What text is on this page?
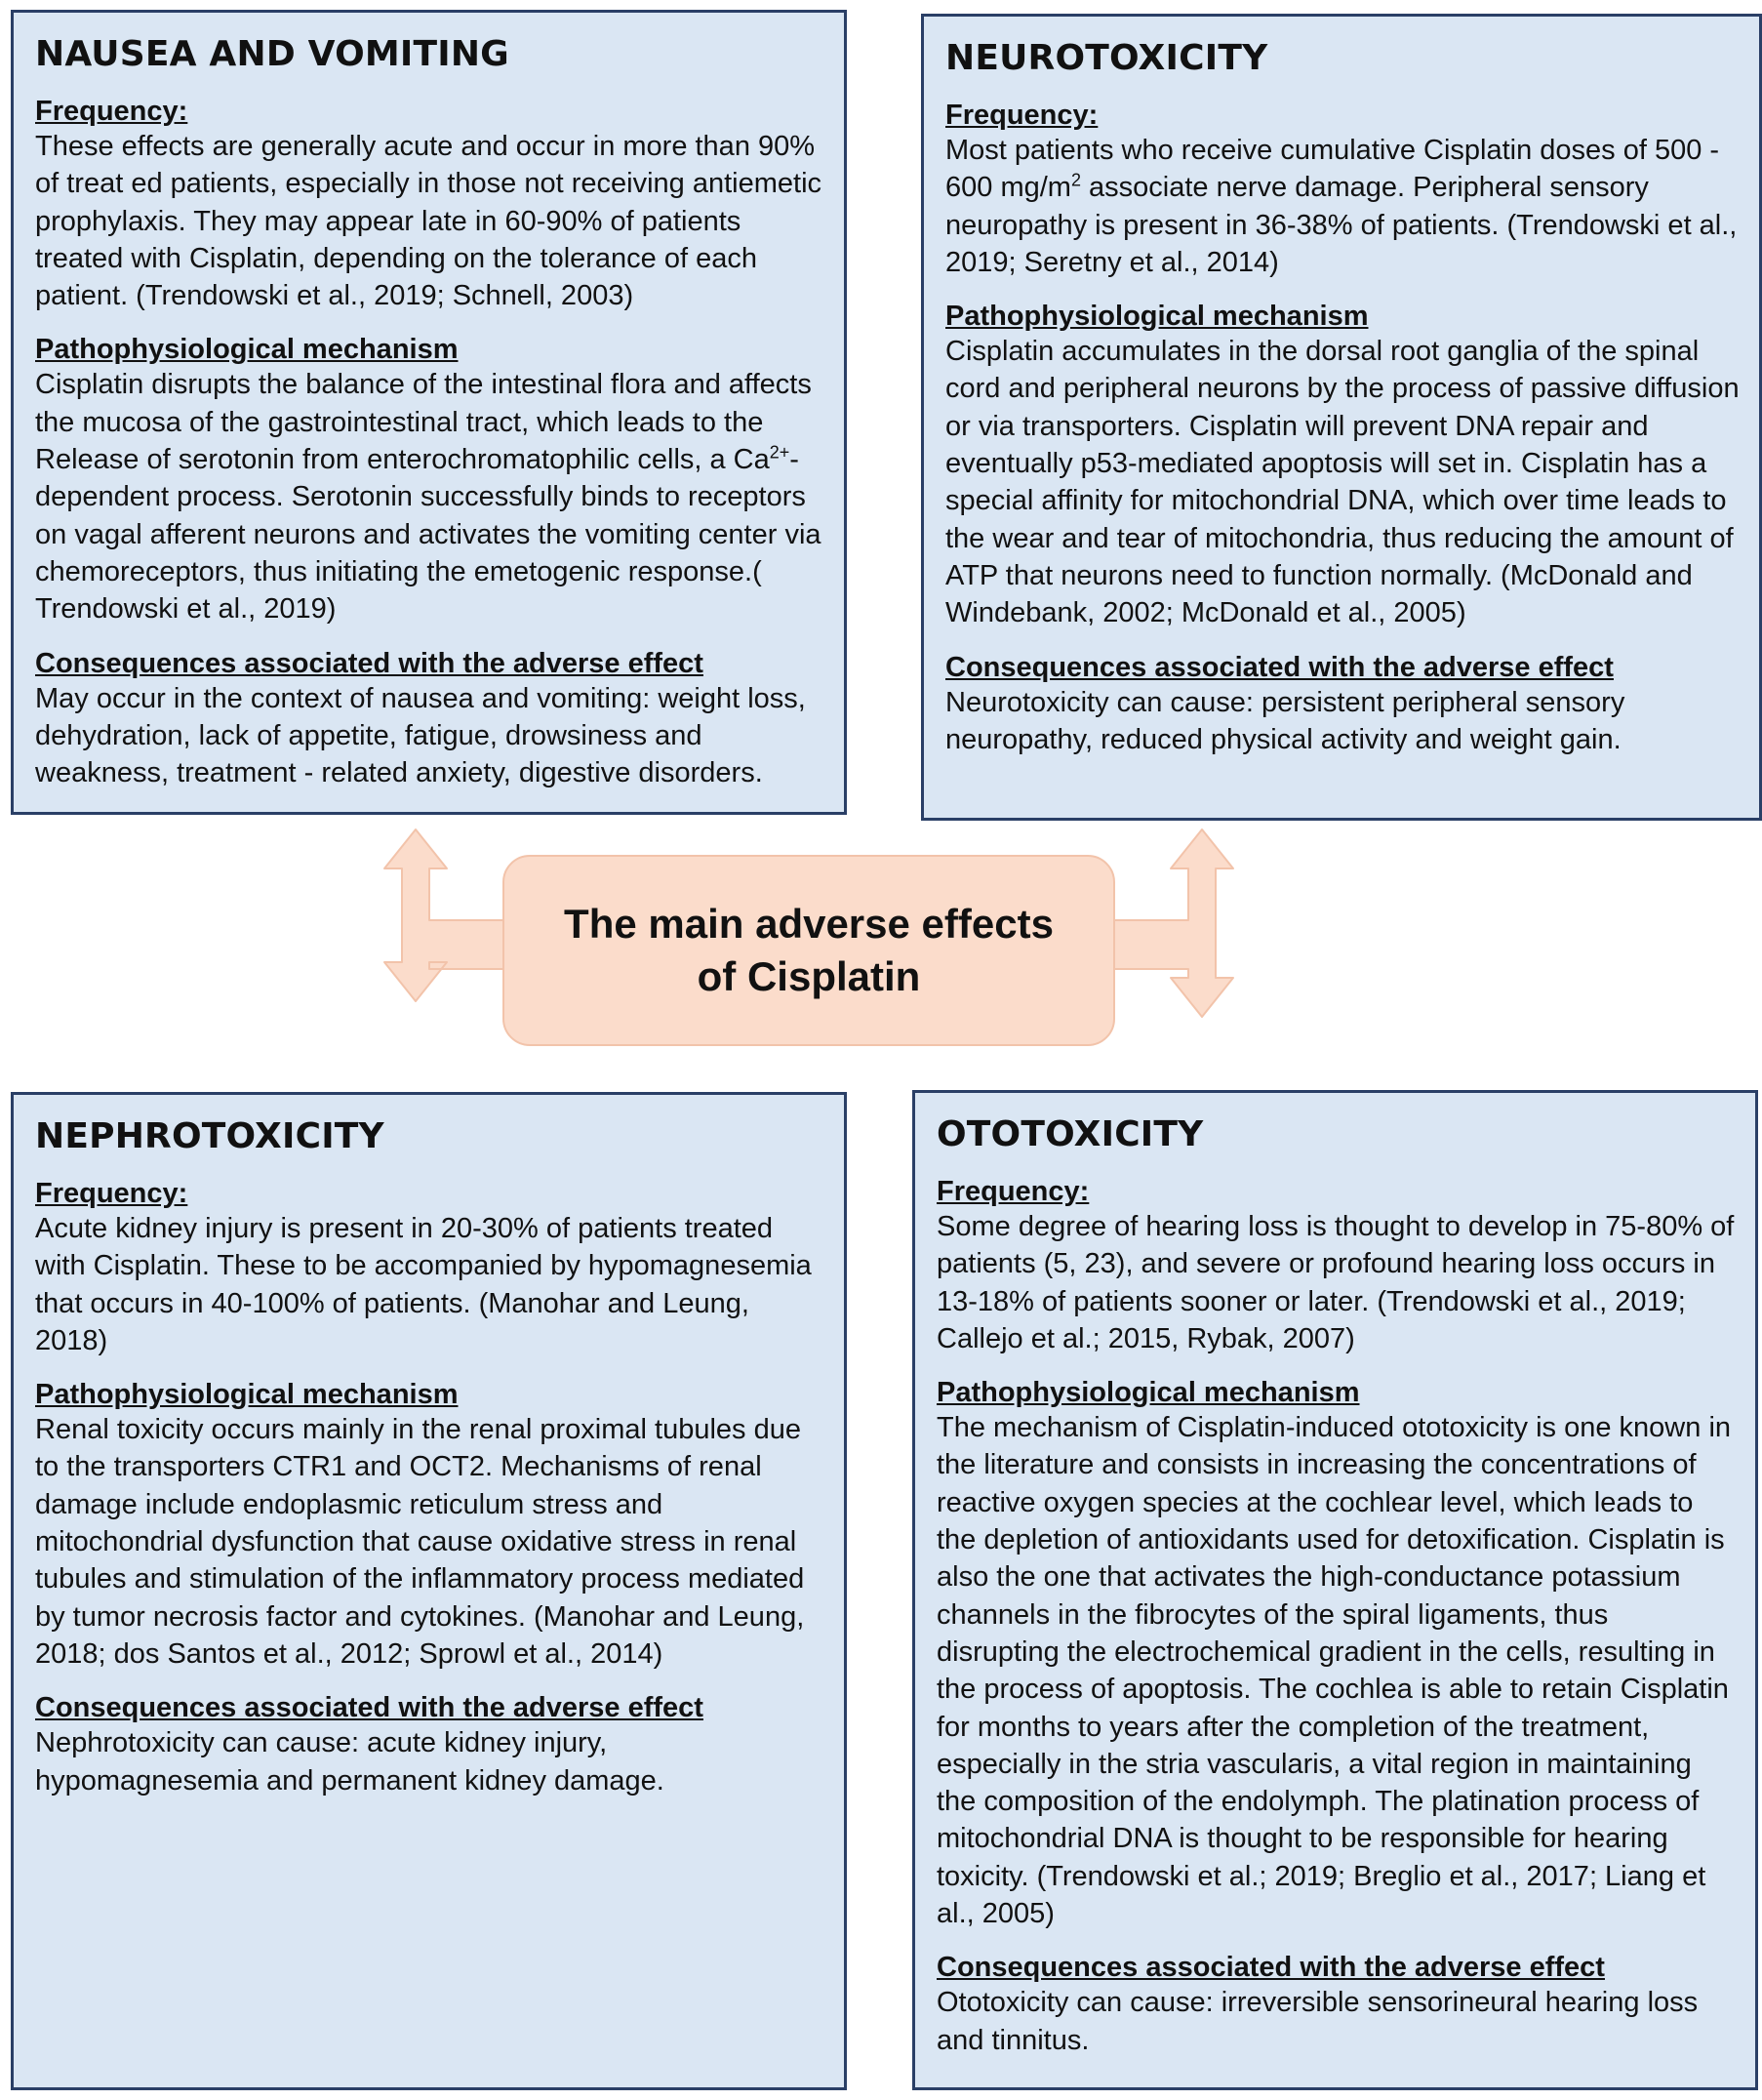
The main adverse effects
of Cisplatin
NAUSEA AND VOMITING
Frequency:

These effects are generally acute and occur in more than 90% of treat ed patients, especially in those not receiving antiemetic prophylaxis. They may appear late in 60-90% of patients treated with Cisplatin, depending on the tolerance of each patient. (Trendowski et al., 2019; Schnell, 2003)

Pathophysiological mechanism

Cisplatin disrupts the balance of the intestinal flora and affects the mucosa of the gastrointestinal tract, which leads to the Release of serotonin from enterochromatophilic cells, a $Ca^{2+}$-dependent process. Serotonin successfully binds to receptors on vagal afferent neurons and activates the vomiting center via chemoreceptors, thus initiating the emetogenic response.( Trendowski et al., 2019)

Consequences associated with the adverse effect

May occur in the context of nausea and vomiting: weight loss, dehydration, lack of appetite, fatigue, drowsiness and weakness, treatment - related anxiety, digestive disorders.

NEUROTOXICITY
Frequency:

Most patients who receive cumulative Cisplatin doses of 500 - 600 $mg/m^2$ associate nerve damage. Peripheral sensory neuropathy is present in 36-38% of patients. (Trendowski et al., 2019; Seretny et al., 2014)

Pathophysiological mechanism

Cisplatin accumulates in the dorsal root ganglia of the spinal cord and peripheral neurons by the process of passive diffusion or via transporters. Cisplatin will prevent DNA repair and eventually p53-mediated apoptosis will set in. Cisplatin has a special affinity for mitochondrial DNA, which over time leads to the wear and tear of mitochondria, thus reducing the amount of ATP that neurons need to function normally. (McDonald and Windebank, 2002; McDonald et al., 2005)

Consequences associated with the adverse effect

Neurotoxicity can cause: persistent peripheral sensory neuropathy, reduced physical activity and weight gain.

NEPHROTOXICITY
Frequency:

Acute kidney injury is present in 20-30% of patients treated with Cisplatin. These to be accompanied by hypomagnesemia that occurs in 40-100% of patients. (Manohar and Leung, 2018)

Pathophysiological mechanism

Renal toxicity occurs mainly in the renal proximal tubules due to the transporters CTR1 and OCT2. Mechanisms of renal damage include endoplasmic reticulum stress and mitochondrial dysfunction that cause oxidative stress in renal tubules and stimulation of the inflammatory process mediated by tumor necrosis factor and cytokines. (Manohar and Leung, 2018; dos Santos et al., 2012; Sprowl et al., 2014)

Consequences associated with the adverse effect

Nephrotoxicity can cause: acute kidney injury, hypomagnesemia and permanent kidney damage.

OTOTOXICITY
Frequency:

Some degree of hearing loss is thought to develop in 75-80% of patients (5, 23), and severe or profound hearing loss occurs in 13-18% of patients sooner or later. (Trendowski et al., 2019; Callejo et al.; 2015, Rybak, 2007)

Pathophysiological mechanism

The mechanism of Cisplatin-induced ototoxicity is one known in the literature and consists in increasing the concentrations of reactive oxygen species at the cochlear level, which leads to the depletion of antioxidants used for detoxification. Cisplatin is also the one that activates the high-conductance potassium channels in the fibrocytes of the spiral ligaments, thus disrupting the electrochemical gradient in the cells, resulting in the process of apoptosis. The cochlea is able to retain Cisplatin for months to years after the completion of the treatment, especially in the stria vascularis, a vital region in maintaining the composition of the endolymph. The platination process of mitochondrial DNA is thought to be responsible for hearing toxicity. (Trendowski et al.; 2019; Breglio et al., 2017; Liang et al., 2005)

Consequences associated with the adverse effect

Ototoxicity can cause: irreversible sensorineural hearing loss and tinnitus.
